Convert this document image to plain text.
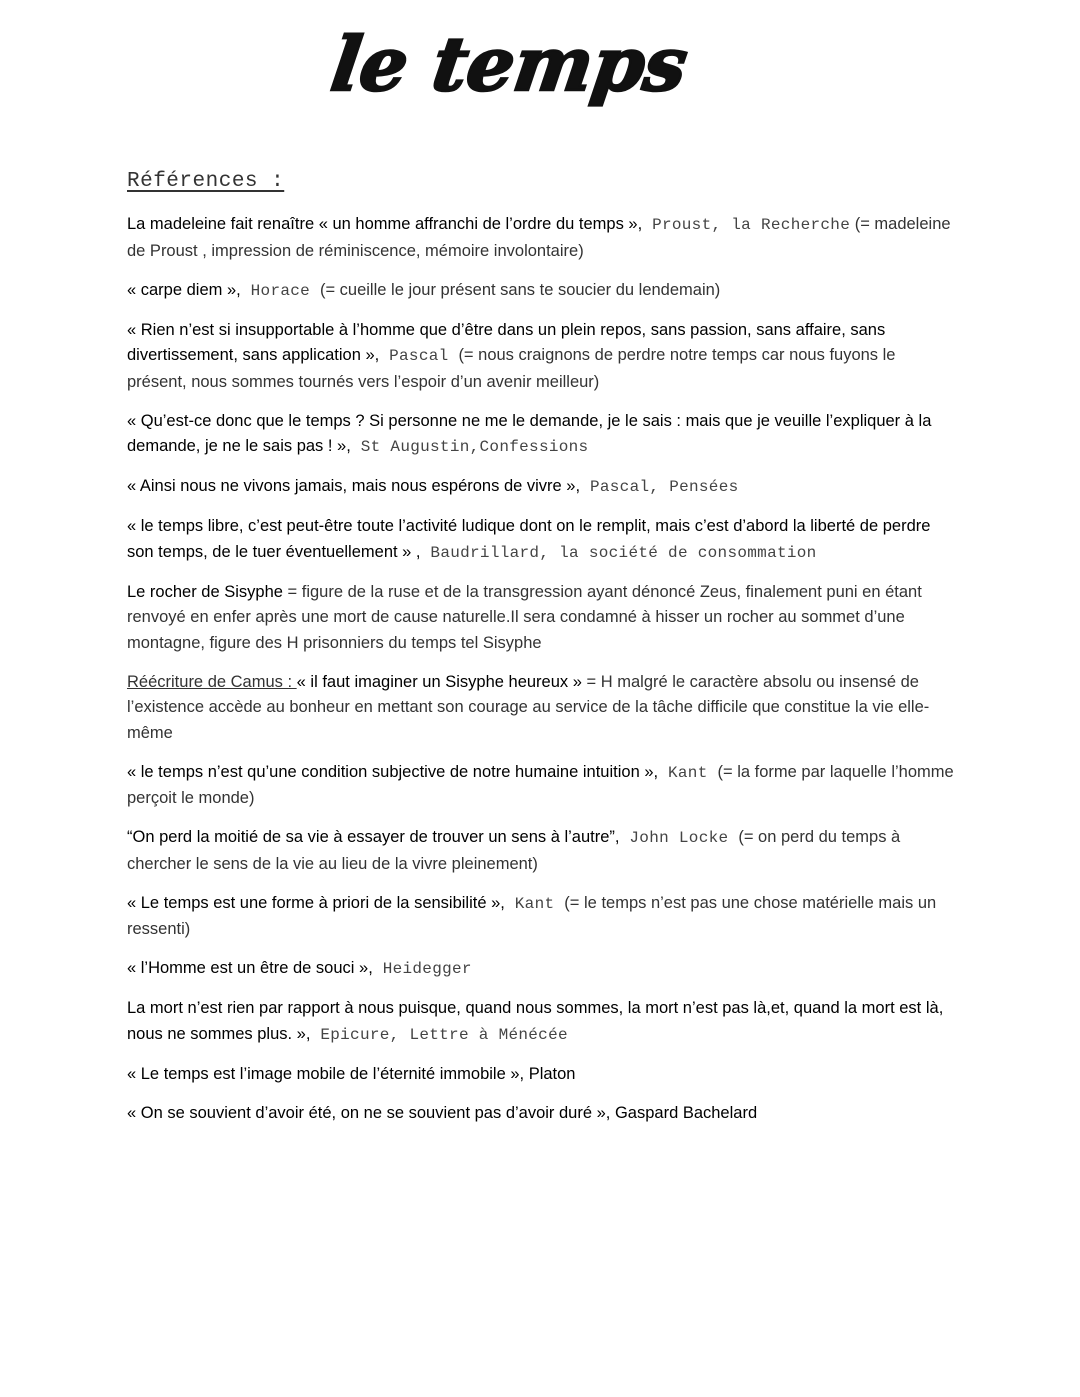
le temps
Références :

La madeleine fait renaître « un homme affranchi de l’ordre du temps », Proust, la Recherche (= madeleine de Proust , impression de réminiscence, mémoire involontaire)

« carpe diem », Horace (= cueille le jour présent sans te soucier du lendemain)

« Rien n’est si insupportable à l’homme que d’être dans un plein repos, sans passion, sans affaire, sans divertissement, sans application », Pascal (= nous craignons de perdre notre temps car nous fuyons le présent, nous sommes tournés vers l’espoir d’un avenir meilleur)

« Qu’est-ce donc que le temps ? Si personne ne me le demande, je le sais : mais que je veuille l’expliquer à la demande, je ne le sais pas ! », St Augustin,Confessions

« Ainsi nous ne vivons jamais, mais nous espérons de vivre », Pascal, Pensées

« le temps libre, c’est peut-être toute l’activité ludique dont on le remplit, mais c’est d’abord la liberté de perdre son temps, de le tuer éventuellement » , Baudrillard, la société de consommation

Le rocher de Sisyphe = figure de la ruse et de la transgression ayant dénoncé Zeus, finalement puni en étant renvoyé en enfer après une mort de cause naturelle.Il sera condamné à hisser un rocher au sommet d’une montagne, figure des H prisonniers du temps tel Sisyphe

Réécriture de Camus : « il faut imaginer un Sisyphe heureux » = H malgré le caractère absolu ou insensé de l’existence accède au bonheur en mettant son courage au service de la tâche difficile que constitue la vie elle-même

« le temps n’est qu’une condition subjective de notre humaine intuition », Kant (= la forme par laquelle l’homme perçoit le monde)

“On perd la moitié de sa vie à essayer de trouver un sens à l’autre”, John Locke (= on perd du temps à chercher le sens de la vie au lieu de la vivre pleinement)

« Le temps est une forme à priori de la sensibilité », Kant (= le temps n’est pas une chose matérielle mais un ressenti)

« l’Homme est un être de souci », Heidegger

La mort n’est rien par rapport à nous puisque, quand nous sommes, la mort n’est pas là,et, quand la mort est là, nous ne sommes plus. », Epicure, Lettre à Ménécée

« Le temps est l’image mobile de l’éternité immobile », Platon

« On se souvient d’avoir été, on ne se souvient pas d’avoir duré », Gaspard Bachelard
